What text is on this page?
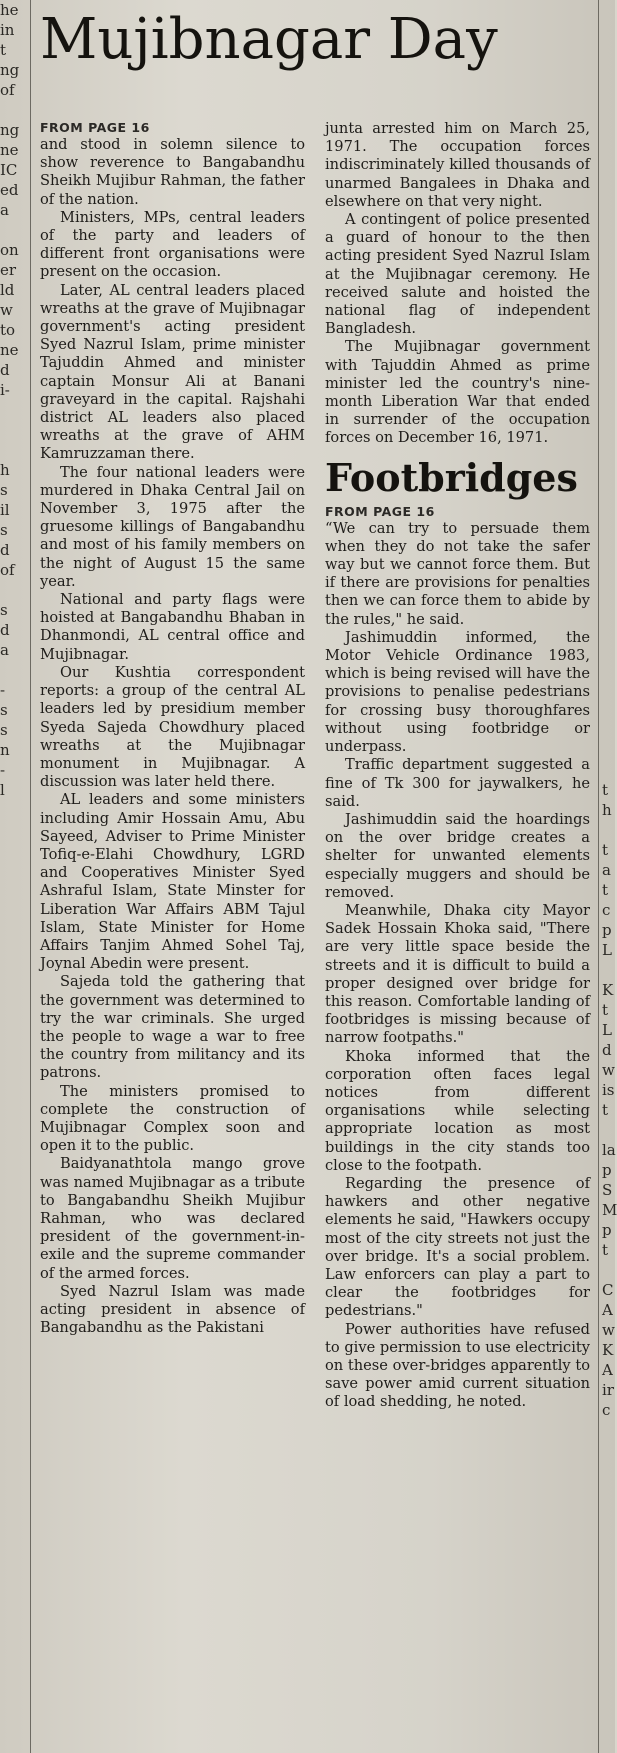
he
in
t
ng
of
ng
ne
IC
ed
a
on
er
ld
w
to
ne
d
i-
h
s
il
s
d
of
s
d
a
-
s
s
n
-
l
Mujibnagar Day
FROM PAGE 16

and stood in solemn silence to show reverence to Bangabandhu Sheikh Mujibur Rahman, the father of the nation.

Ministers, MPs, central leaders of the party and leaders of different front organisations were present on the occasion.

Later, AL central leaders placed wreaths at the grave of Mujibnagar government's acting president Syed Nazrul Islam, prime minister Tajuddin Ahmed and minister captain Monsur Ali at Banani graveyard in the capital. Rajshahi district AL leaders also placed wreaths at the grave of AHM Kamruzzaman there.

The four national leaders were murdered in Dhaka Central Jail on November 3, 1975 after the gruesome killings of Bangabandhu and most of his family members on the night of August 15 the same year.

National and party flags were hoisted at Bangabandhu Bhaban in Dhanmondi, AL central office and Mujibnagar.

Our Kushtia correspondent reports: a group of the central AL leaders led by presidium member Syeda Sajeda Chowdhury placed wreaths at the Mujibnagar monument in Mujibnagar. A discussion was later held there.

AL leaders and some ministers including Amir Hossain Amu, Abu Sayeed, Adviser to Prime Minister Tofiq-e-Elahi Chowdhury, LGRD and Cooperatives Minister Syed Ashraful Islam, State Minster for Liberation War Affairs ABM Tajul Islam, State Minister for Home Affairs Tanjim Ahmed Sohel Taj, Joynal Abedin were present.

Sajeda told the gathering that the government was determined to try the war criminals. She urged the people to wage a war to free the country from militancy and its patrons.

The ministers promised to complete the construction of Mujibnagar Complex soon and open it to the public.

Baidyanathtola mango grove was named Mujibnagar as a tribute to Bangabandhu Sheikh Mujibur Rahman, who was declared president of the government-in-exile and the supreme commander of the armed forces.

Syed Nazrul Islam was made acting president in absence of Bangabandhu as the Pakistani

junta arrested him on March 25, 1971. The occupation forces indiscriminately killed thousands of unarmed Bangalees in Dhaka and elsewhere on that very night.

A contingent of police presented a guard of honour to the then acting president Syed Nazrul Islam at the Mujibnagar ceremony. He received salute and hoisted the national flag of independent Bangladesh.

The Mujibnagar government with Tajuddin Ahmed as prime minister led the country's nine-month Liberation War that ended in surrender of the occupation forces on December 16, 1971.

Footbridges
FROM PAGE 16

“We can try to persuade them when they do not take the safer way but we cannot force them. But if there are provisions for penalties then we can force them to abide by the rules," he said.

Jashimuddin informed, the Motor Vehicle Ordinance 1983, which is being revised will have the provisions to penalise pedestrians for crossing busy thoroughfares without using footbridge or underpass.

Traffic department suggested a fine of Tk 300 for jaywalkers, he said.

Jashimuddin said the hoardings on the over bridge creates a shelter for unwanted elements especially muggers and should be removed.

Meanwhile, Dhaka city Mayor Sadek Hossain Khoka said, "There are very little space beside the streets and it is difficult to build a proper designed over bridge for this reason. Comfortable landing of footbridges is missing because of narrow footpaths."

Khoka informed that the corporation often faces legal notices from different organisations while selecting appropriate location as most buildings in the city stands too close to the footpath.

Regarding the presence of hawkers and other negative elements he said, "Hawkers occupy most of the city streets not just the over bridge. It's a social problem. Law enforcers can play a part to clear the footbridges for pedestrians."

Power authorities have refused to give permission to use electricity on these over-bridges apparently to save power amid current situation of load shedding, he noted.

t
h
t
a
t
c
p
L
K
t
L
d
w
is
t
la
p
S
M
p
t
C
A
w
K
A
ir
c
